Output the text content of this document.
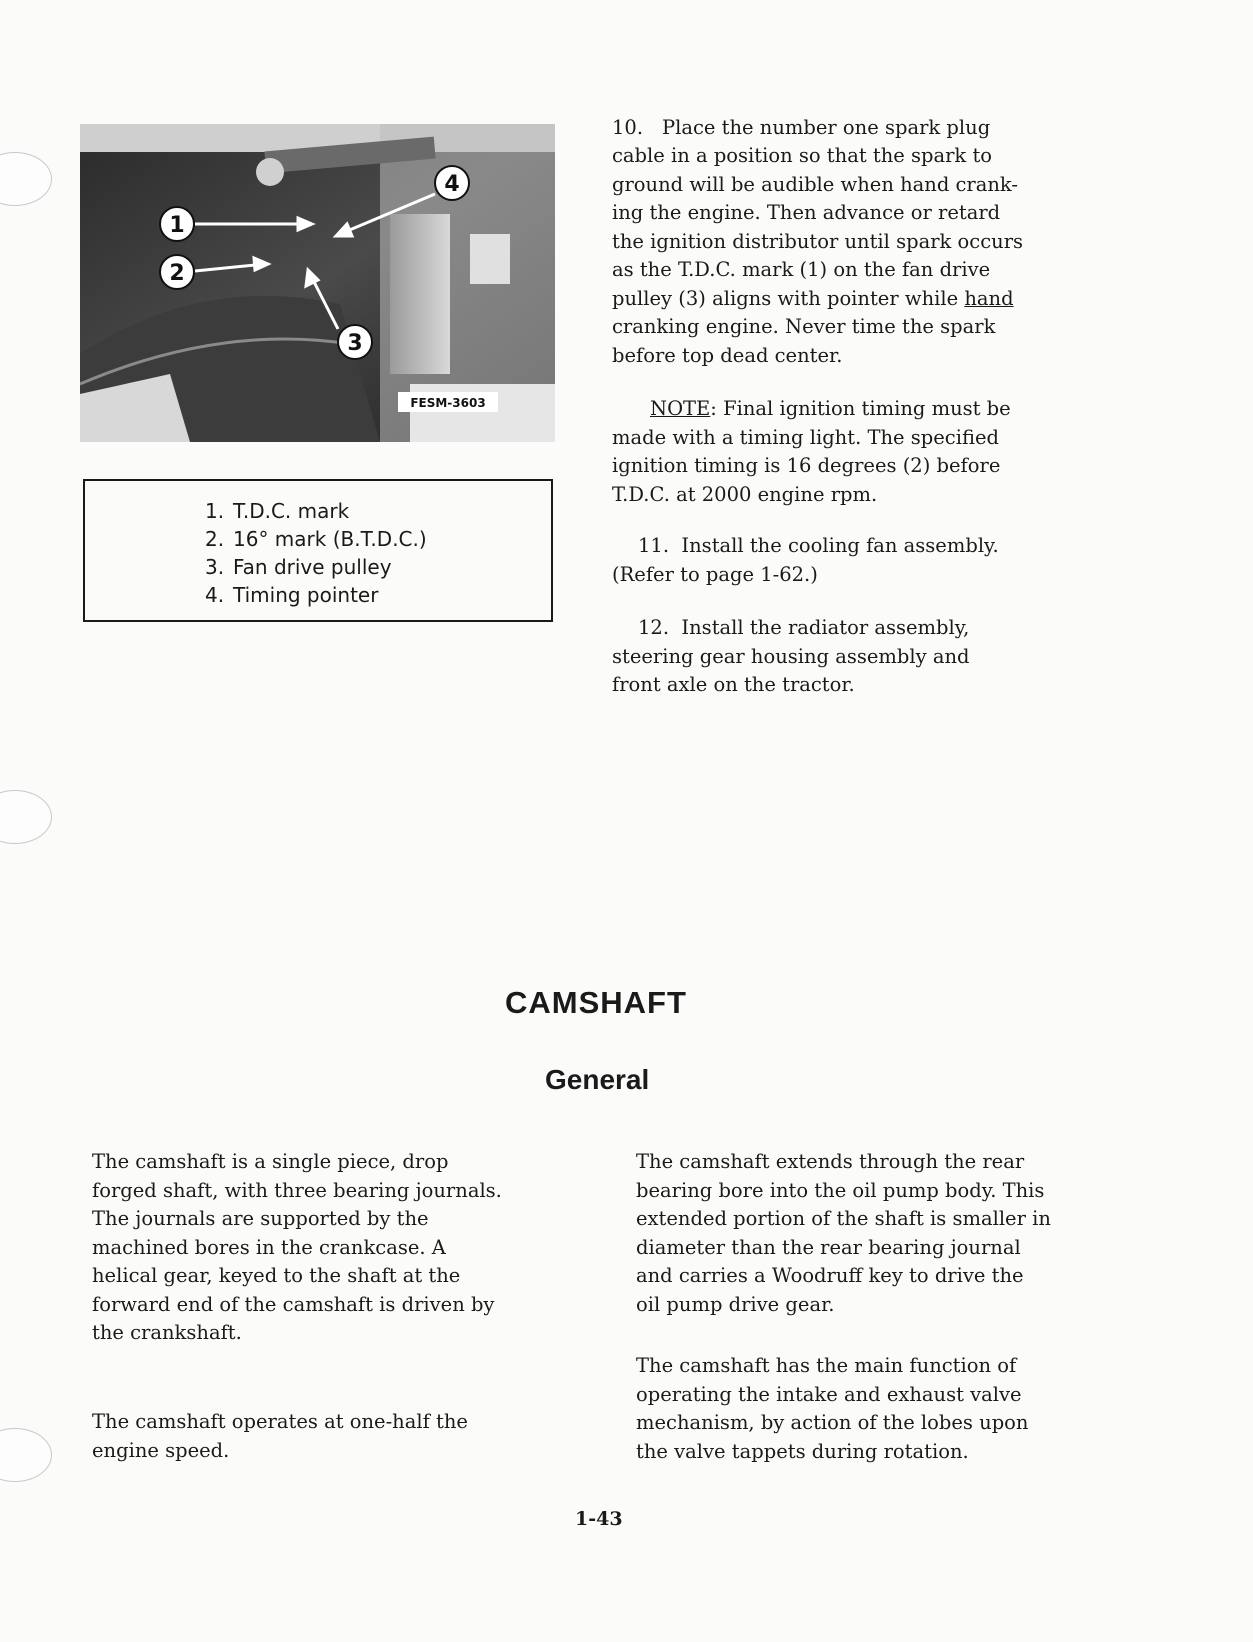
1
2
3
4
FESM-3603
1. T.D.C. mark
2. 16° mark (B.T.D.C.)
3. Fan drive pulley
4. Timing pointer

10. Place the number one spark plug

cable in a position so that the spark to

ground will be audible when hand crank-

ing the engine. Then advance or retard

the ignition distributor until spark occurs

as the T.D.C. mark (1) on the fan drive

pulley (3) aligns with pointer while hand

cranking engine. Never time the spark

before top dead center.

NOTE: Final ignition timing must be

made with a timing light. The specified

ignition timing is 16 degrees (2) before

T.D.C. at 2000 engine rpm.

11. Install the cooling fan assembly.

(Refer to page 1-62.)

12. Install the radiator assembly,

steering gear housing assembly and

front axle on the tractor.

CAMSHAFT
General

The camshaft is a single piece, drop

forged shaft, with three bearing journals.

The journals are supported by the

machined bores in the crankcase. A

helical gear, keyed to the shaft at the

forward end of the camshaft is driven by

the crankshaft.

The camshaft operates at one-half the

engine speed.

The camshaft extends through the rear

bearing bore into the oil pump body. This

extended portion of the shaft is smaller in

diameter than the rear bearing journal

and carries a Woodruff key to drive the

oil pump drive gear.

The camshaft has the main function of

operating the intake and exhaust valve

mechanism, by action of the lobes upon

the valve tappets during rotation.

1-43
